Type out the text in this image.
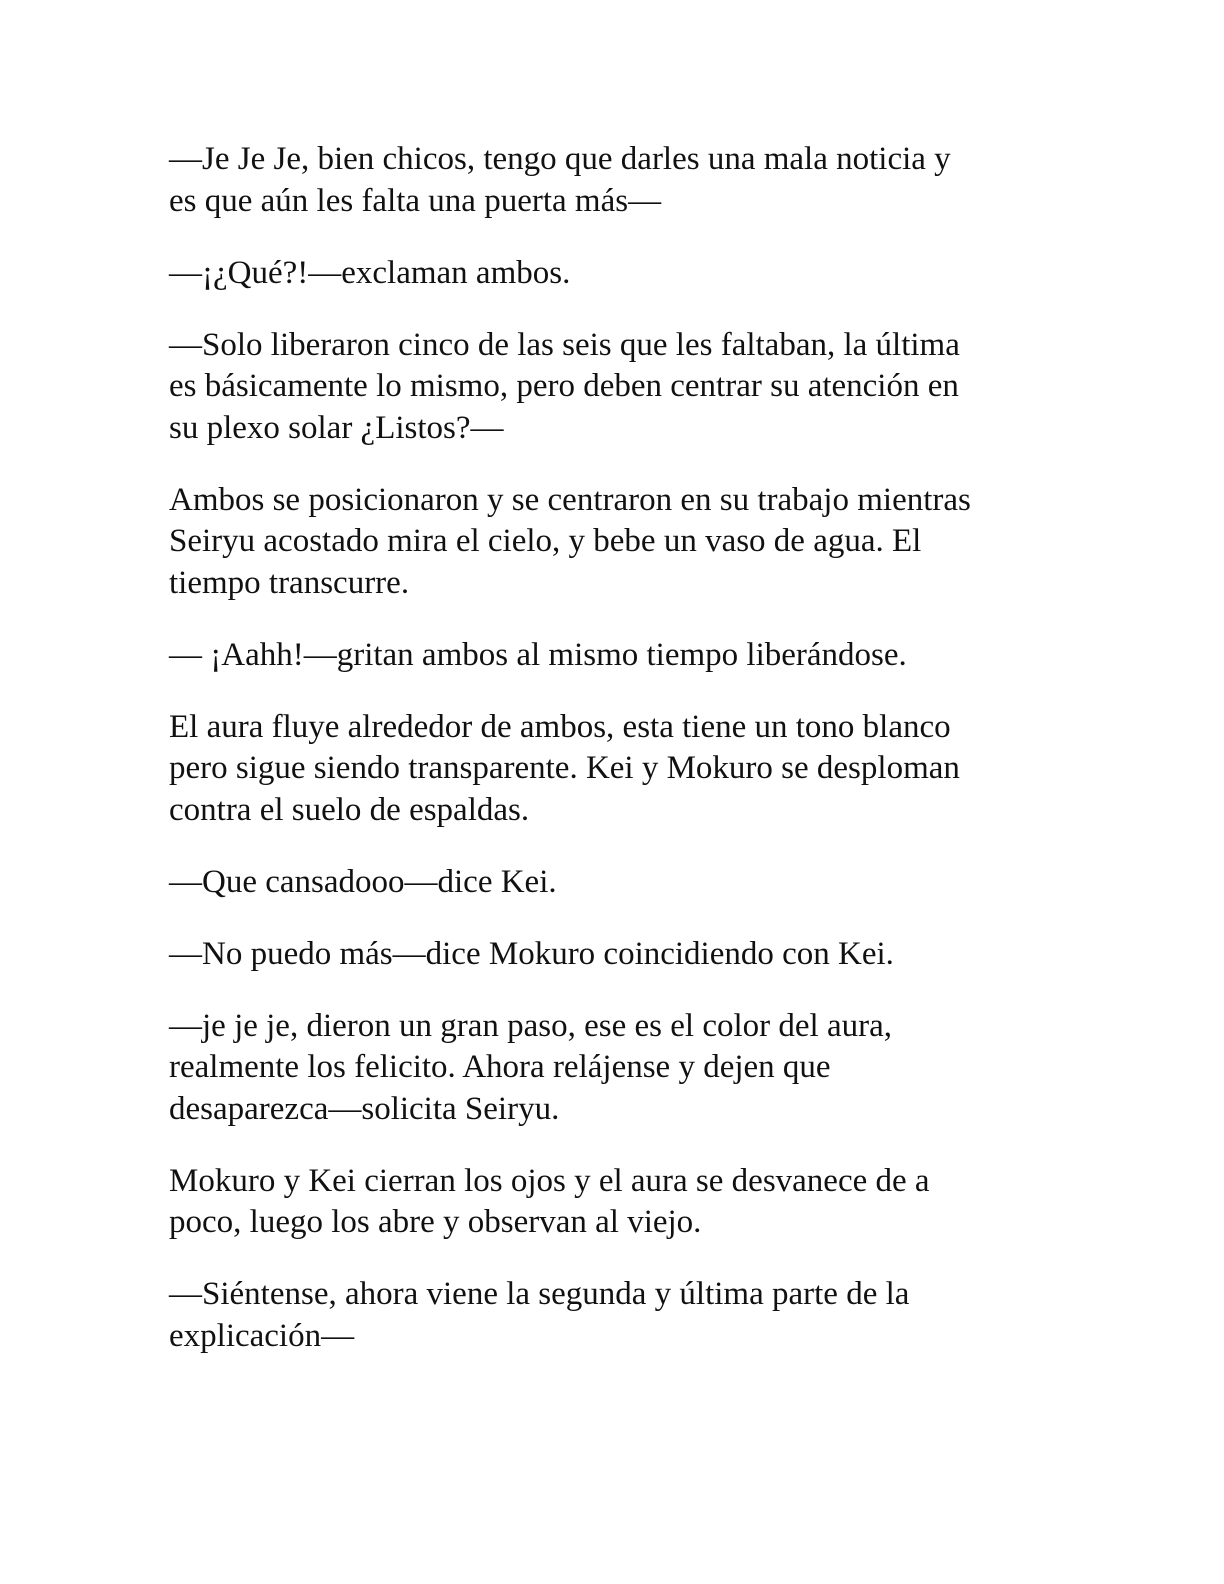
—Je Je Je, bien chicos, tengo que darles una mala noticia y
es que aún les falta una puerta más—

—¡¿Qué?!—exclaman ambos.

—Solo liberaron cinco de las seis que les faltaban, la última
es básicamente lo mismo, pero deben centrar su atención en
su plexo solar ¿Listos?—

Ambos se posicionaron y se centraron en su trabajo mientras
Seiryu acostado mira el cielo, y bebe un vaso de agua. El
tiempo transcurre.

— ¡Aahh!—gritan ambos al mismo tiempo liberándose.

El aura fluye alrededor de ambos, esta tiene un tono blanco
pero sigue siendo transparente. Kei y Mokuro se desploman
contra el suelo de espaldas.

—Que cansadooo—dice Kei.

—No puedo más—dice Mokuro coincidiendo con Kei.

—je je je, dieron un gran paso, ese es el color del aura,
realmente los felicito. Ahora relájense y dejen que
desaparezca—solicita Seiryu.

Mokuro y Kei cierran los ojos y el aura se desvanece de a
poco, luego los abre y observan al viejo.

—Siéntense, ahora viene la segunda y última parte de la
explicación—
